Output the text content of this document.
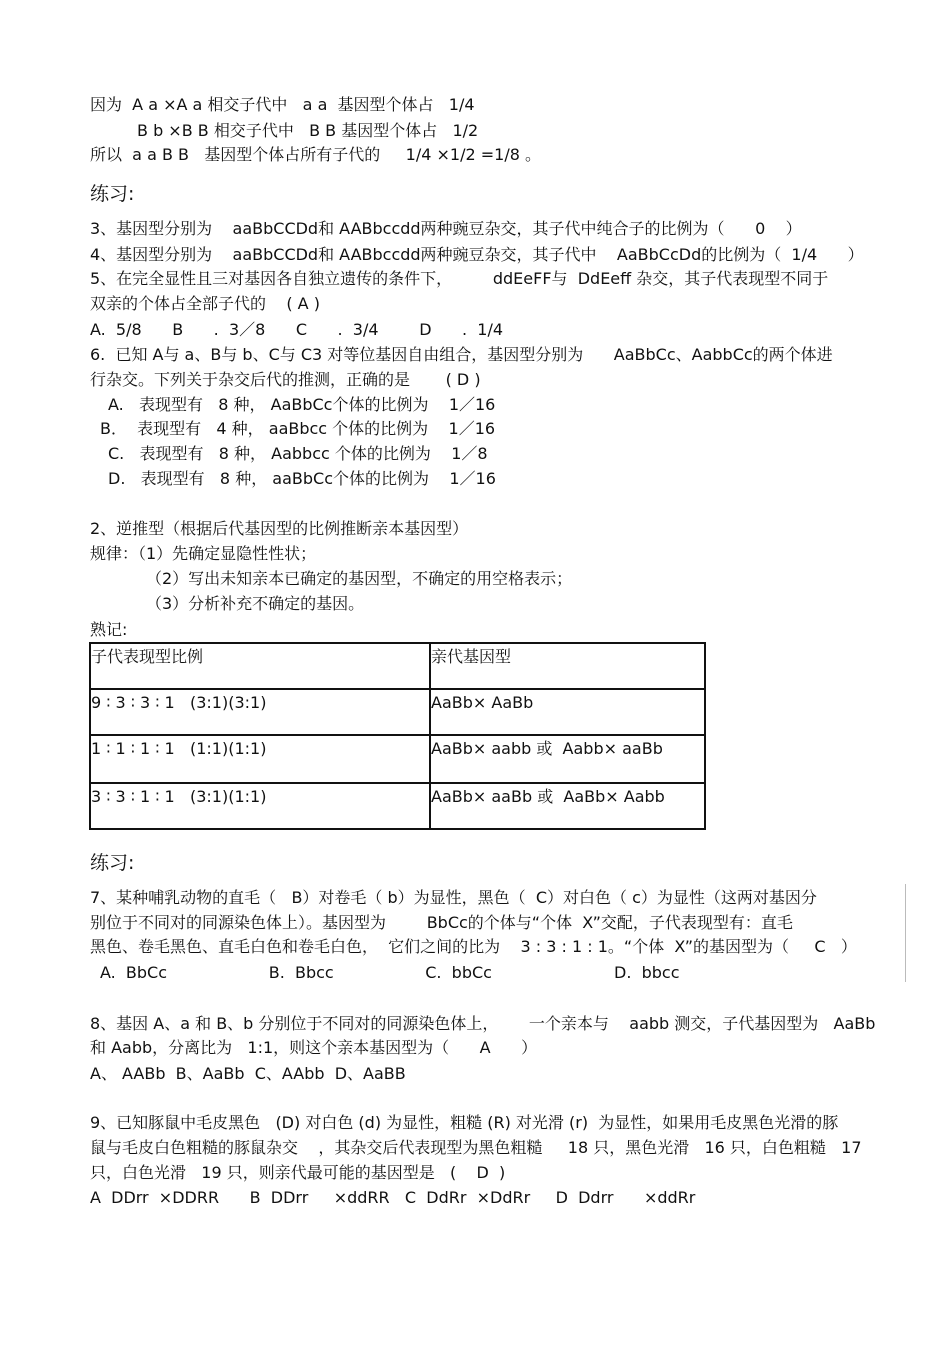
因为  A a ×A a 相交子代中   a a  基因型个体占   1/4
B b ×B B 相交子代中   B B 基因型个体占   1/2
所以  a a B B   基因型个体占所有子代的     1/4 ×1/2 =1/8 。
练习:
3、基因型分别为    aaBbCCDd和 AABbccdd两种豌豆杂交，其子代中纯合子的比例为（      0    ）
4、基因型分别为    aaBbCCDd和 AABbccdd两种豌豆杂交，其子代中    AaBbCcDd的比例为（  1/4      ）
5、在完全显性且三对基因各自独立遗传的条件下，        ddEeFF与  DdEeff 杂交，其子代表现型不同于
双亲的个体占全部子代的    ( A )
A.  5/8      B      .  3／8      C      .  3/4        D      .  1/4
6.  已知 A与 a、B与 b、C与 C3 对等位基因自由组合，基因型分别为      AaBbCc、AabbCc的两个体进
行杂交。下列关于杂交后代的推测，正确的是       ( D )
A.   表现型有   8 种， AaBbCc个体的比例为    1／16
B．  表现型有   4 种， aaBbcc 个体的比例为    1／16
C.   表现型有   8 种， Aabbcc 个体的比例为    1／8
D.   表现型有   8 种， aaBbCc个体的比例为    1／16
2、逆推型（根据后代基因型的比例推断亲本基因型）
规律：（1）先确定显隐性性状；
（2）写出未知亲本已确定的基因型，不确定的用空格表示；
（3）分析补充不确定的基因。
熟记:
子代表现型比例	亲代基因型
9 ∶ 3 ∶ 3 ∶ 1   (3:1)(3:1)	AaBb× AaBb
1 ∶ 1 ∶ 1 ∶ 1   (1:1)(1:1)	AaBb× aabb 或  Aabb× aaBb
3 ∶ 3 ∶ 1 ∶ 1   (3:1)(1:1)	AaBb× aaBb 或  AaBb× Aabb
练习:
7、某种哺乳动物的直毛（   B）对卷毛（ b）为显性，黑色（  C）对白色（ c）为显性（这两对基因分
别位于不同对的同源染色体上）。基因型为        BbCc的个体与“个体  X”交配，子代表现型有：直毛
黑色、卷毛黑色、直毛白色和卷毛白色，  它们之间的比为    3 : 3 : 1 : 1。“个体  X”的基因型为（     C   ）
A.  BbCc                    B.  Bbcc                  C.  bbCc                        D.  bbcc
8、基因 A、a 和 B、b 分别位于不同对的同源染色体上，      一个亲本与    aabb 测交，子代基因型为   AaBb
和 Aabb，分离比为   1:1，则这个亲本基因型为（      A      ）
A、 AABb  B、AaBb  C、AAbb  D、AaBB
9、已知豚鼠中毛皮黑色   (D) 对白色 (d) 为显性，粗糙 (R) 对光滑 (r)  为显性，如果用毛皮黑色光滑的豚
鼠与毛皮白色粗糙的豚鼠杂交    ，其杂交后代表现型为黑色粗糙     18 只，黑色光滑   16 只，白色粗糙   17
只，白色光滑   19 只，则亲代最可能的基因型是   (    D  )
A  DDrr  ×DDRR      B  DDrr     ×ddRR   C  DdRr  ×DdRr     D  Ddrr      ×ddRr
